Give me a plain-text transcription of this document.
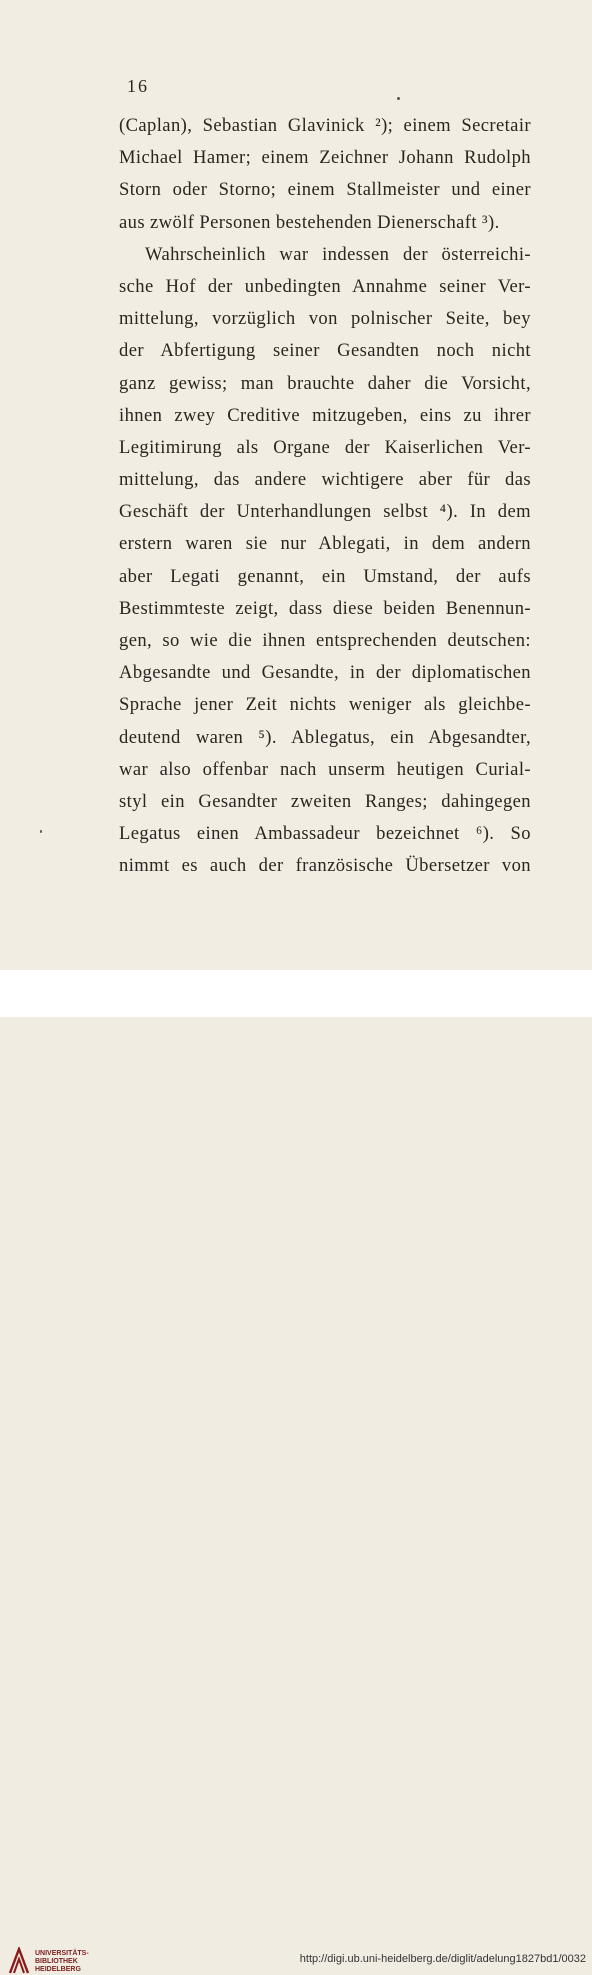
16
(Caplan), Sebastian Glavinick ²); einem Secretair
Michael Hamer; einem Zeichner Johann Rudolph
Storn oder Storno; einem Stallmeister und einer
aus zwölf Personen bestehenden Dienerschaft ³).
Wahrscheinlich war indessen der österreichi-
sche Hof der unbedingten Annahme seiner Ver-
mittelung, vorzüglich von polnischer Seite, bey
der Abfertigung seiner Gesandten noch nicht
ganz gewiss; man brauchte daher die Vorsicht,
ihnen zwey Creditive mitzugeben, eins zu ihrer
Legitimirung als Organe der Kaiserlichen Ver-
mittelung, das andere wichtigere aber für das
Geschäft der Unterhandlungen selbst ⁴). In dem
erstern waren sie nur Ablegati, in dem andern
aber Legati genannt, ein Umstand, der aufs
Bestimmteste zeigt, dass diese beiden Benennun-
gen, so wie die ihnen entsprechenden deutschen:
Abgesandte und Gesandte, in der diplomatischen
Sprache jener Zeit nichts weniger als gleichbe-
deutend waren ⁵). Ablegatus, ein Abgesandter,
war also offenbar nach unserm heutigen Curial-
styl ein Gesandter zweiten Ranges; dahingegen
Legatus einen Ambassadeur bezeichnet ⁶). So
nimmt es auch der französische Übersetzer von
UNIVERSITÄTS-
BIBLIOTHEK
HEIDELBERG
http://digi.ub.uni-heidelberg.de/diglit/adelung1827bd1/0032
